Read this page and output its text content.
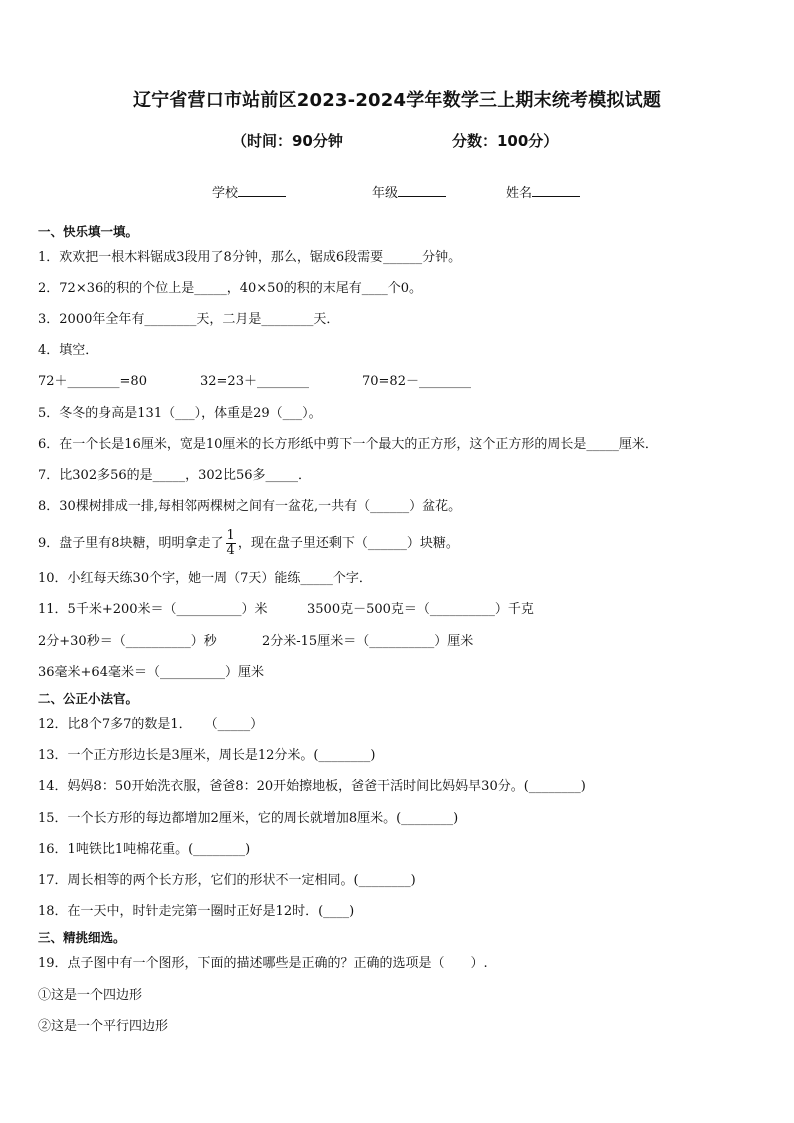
辽宁省营口市站前区2023-2024学年数学三上期末统考模拟试题
（时间：90分钟	分数：100分）
学校	年级	姓名
一、快乐填一填。
1．欢欢把一根木料锯成3段用了8分钟，那么，锯成6段需要______分钟。
2．72×36的积的个位上是_____，40×50的积的末尾有____个0。
3．2000年全年有________天，二月是________天．
4．填空．
72＋________=80	32=23＋________	70=82－________
5．冬冬的身高是131（___），体重是29（___）。
6．在一个长是16厘米，宽是10厘米的长方形纸中剪下一个最大的正方形，这个正方形的周长是_____厘米．
7．比302多56的是_____，302比56多_____．
8．30棵树排成一排,每相邻两棵树之间有一盆花,一共有（______）盆花。
9．盘子里有8块糖，明明拿走了 $\frac{1}{4}$ ，现在盘子里还剩下（______）块糖。
10．小红每天练30个字，她一周（7天）能练_____个字．
11．5千米+200米＝（__________）米	3500克－500克＝（__________）千克
2分+30秒＝（__________）秒	2分米-15厘米＝（__________）厘米
36毫米+64毫米＝（__________）厘米
二、公正小法官。
12．比8个7多7的数是1．　　（_____）
13．一个正方形边长是3厘米，周长是12分米。(________)
14．妈妈8：50开始洗衣服，爸爸8：20开始擦地板，爸爸干活时间比妈妈早30分。(________)
15．一个长方形的每边都增加2厘米，它的周长就增加8厘米。(________)
16．1吨铁比1吨棉花重。(________)
17．周长相等的两个长方形，它们的形状不一定相同。(________)
18．在一天中，时针走完第一圈时正好是12时．(____)
三、精挑细选。
19．点子图中有一个图形，下面的描述哪些是正确的？正确的选项是（　　）.
①这是一个四边形
②这是一个平行四边形
